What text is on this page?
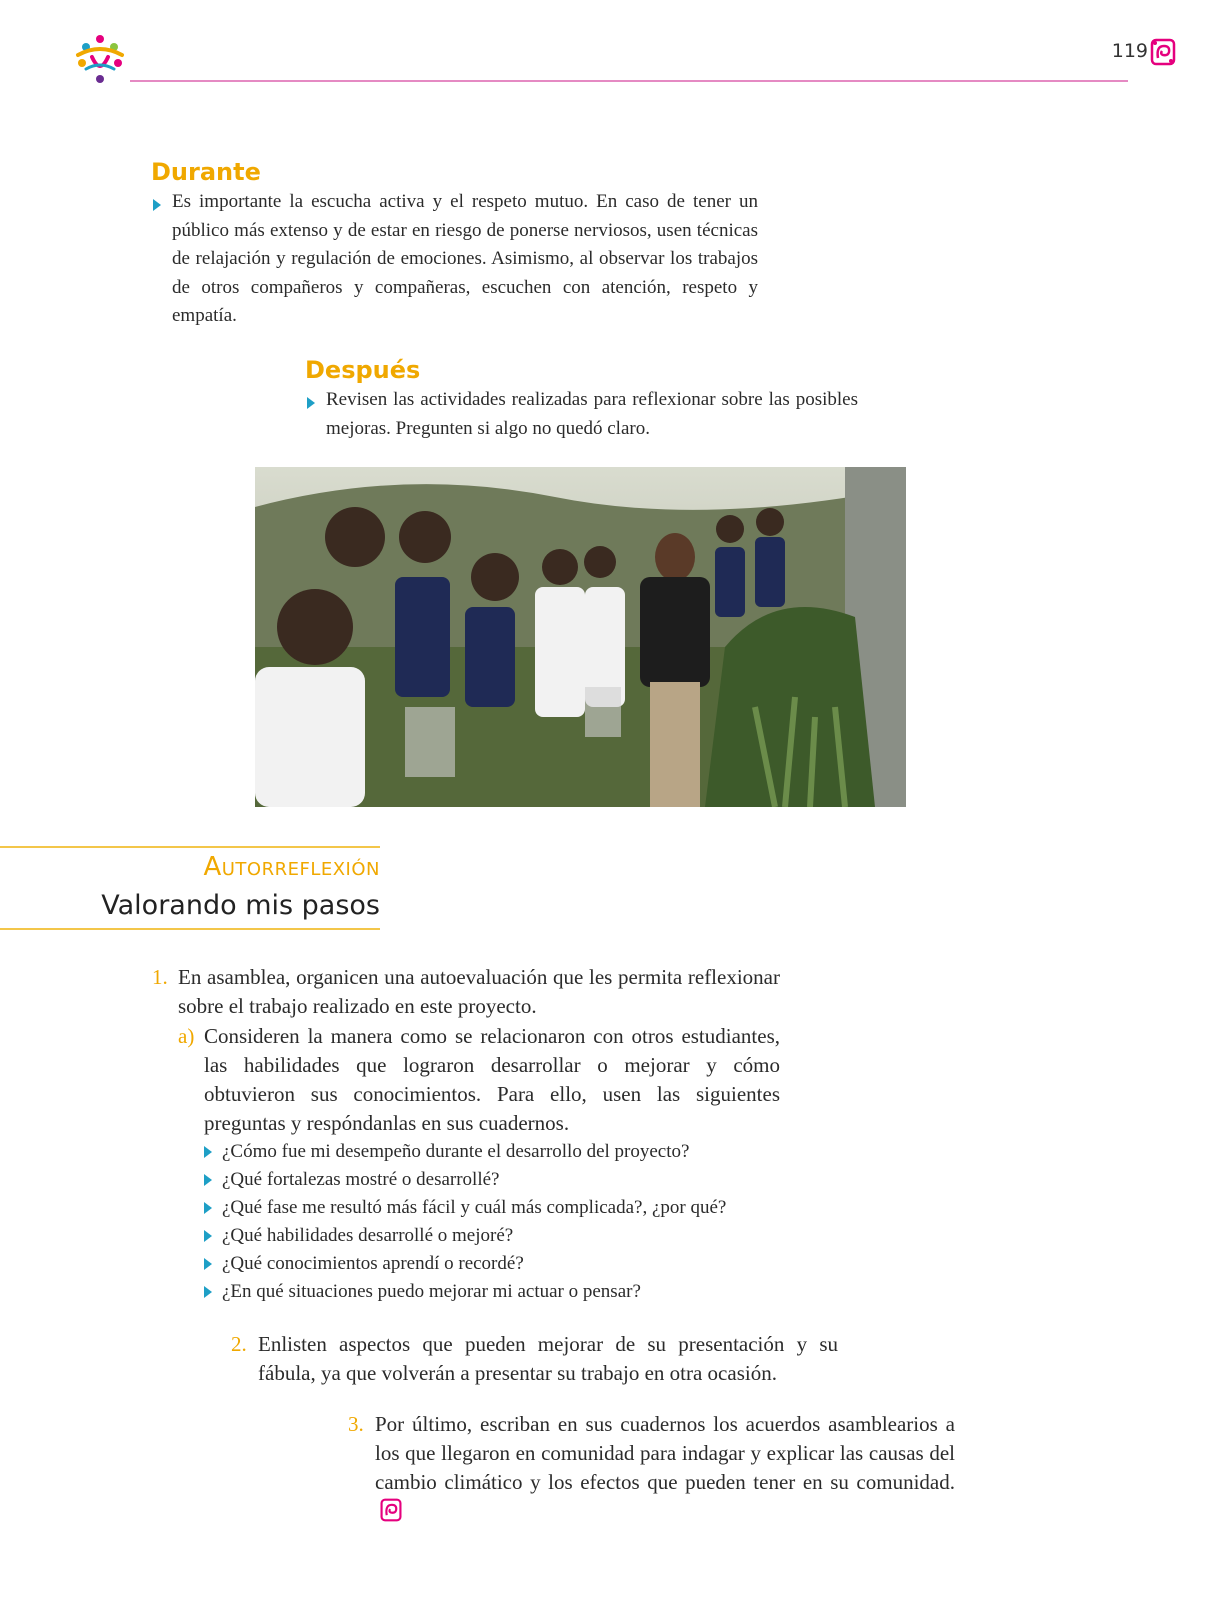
119
Durante
Es importante la escucha activa y el respeto mutuo. En caso de tener un público más extenso y de estar en riesgo de ponerse nerviosos, usen técnicas de relajación y regulación de emociones. Asimismo, al observar los trabajos de otros compañeros y compañeras, escuchen con atención, respeto y empatía.
Después
Revisen las actividades realizadas para reflexionar sobre las posibles mejoras. Pregunten si algo no quedó claro.
Autorreflexión
Valorando mis pasos
1. En asamblea, organicen una autoevaluación que les permita reflexionar sobre el trabajo realizado en este proyecto.
a) Consideren la manera como se relacionaron con otros estudiantes, las habilidades que lograron desarrollar o mejorar y cómo obtuvieron sus conocimientos. Para ello, usen las siguientes preguntas y respóndanlas en sus cuadernos.
¿Cómo fue mi desempeño durante el desarrollo del proyecto?
¿Qué fortalezas mostré o desarrollé?
¿Qué fase me resultó más fácil y cuál más complicada?, ¿por qué?
¿Qué habilidades desarrollé o mejoré?
¿Qué conocimientos aprendí o recordé?
¿En qué situaciones puedo mejorar mi actuar o pensar?
2. Enlisten aspectos que pueden mejorar de su presentación y su fábula, ya que volverán a presentar su trabajo en otra ocasión.
3. Por último, escriban en sus cuadernos los acuerdos asamblearios a los que llegaron en comunidad para indagar y explicar las causas del cambio climático y los efectos que pueden tener en su comunidad.
